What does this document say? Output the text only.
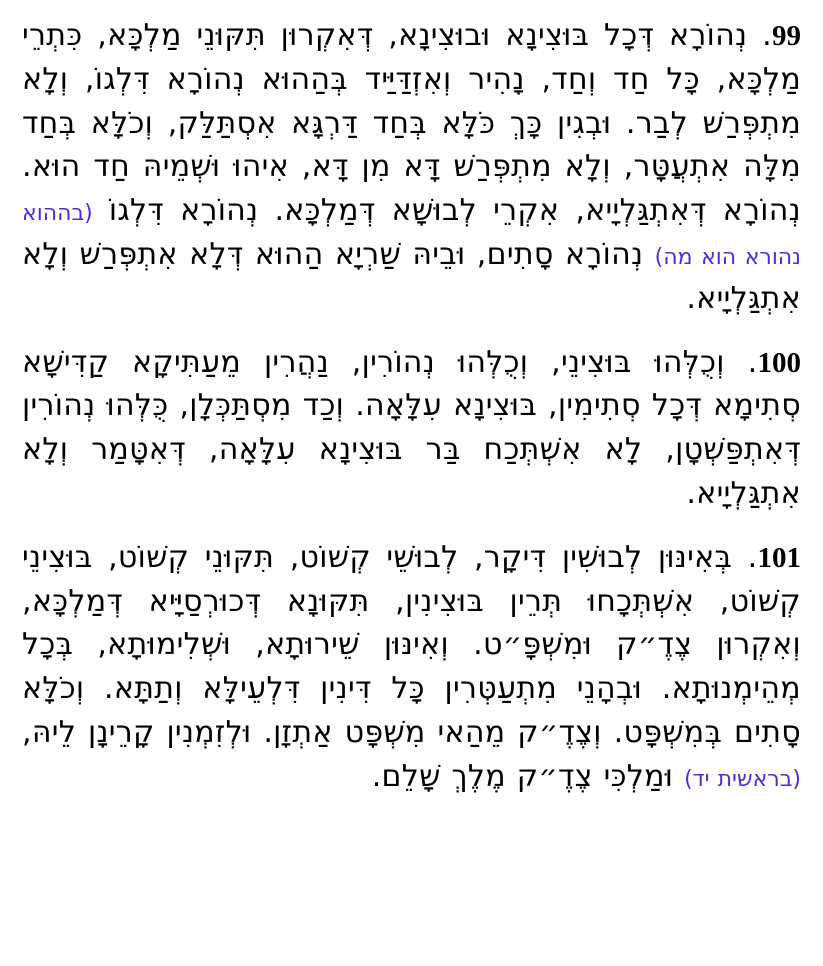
99. נְהוֹרָא דְּכָל בּוּצִינָא וּבוּצִינָא, דְּאִקְרוּן תִּקּוּנֵי מַלְכָּא, כִּתְרֵי מַלְכָּא, כָּל חַד וְחַד, נָהִיר וְאִזְדַּיַּיד בְּהַהוּא נְהוֹרָא דִּלְגוֹ, וְלָא מִתְפְּרַשׁ לְבַר. וּבְגִין כָּךְ כֹּלָּא בְּחַד דַּרְגָּא אִסְתַּלַּק, וְכֹלָּא בְּחַד מִלָּה אִתְעֲטָּר, וְלָא מִתְפְּרַשׁ דָּא מִן דָּא, אִיהוּ וּשְׁמֵיהּ חַד הוּא. נְהוֹרָא דְּאִתְגַּלְיָיא, אִקְרֵי לְבוּשָׁא דְּמַלְכָּא. נְהוֹרָא דִּלְגוֹ (בההוא נהורא הוא מה) נְהוֹרָא סָתִים, וּבֵיהּ שַׁרְיָא הַהוּא דְּלָא אִתְפְּרַשׁ וְלָא אִתְגַּלְיָיא.
100. וְכֻלְּהוּ בּוּצִינֵי, וְכֻלְּהוּ נְהוֹרִין, נַהֲרִין מֵעַתִּיקָא קַדִּישָׁא סְתִימָא דְּכָל סְתִימִין, בּוּצִינָא עִלָּאָה. וְכַד מִסְתַּכְּלָן, כֻּלְּהוּ נְהוֹרִין דְּאִתְפַּשְׁטָן, לָא אִשְׁתְּכַח בַּר בּוּצִינָא עִלָּאָה, דְּאִטָּמַר וְלָא אִתְגַּלְיָיא.
101. בְּאִינּוּן לְבוּשִׁין דִּיקָר, לְבוּשֵׁי קְשׁוֹט, תִּקּוּנֵי קְשׁוֹט, בּוּצִינֵי קְשׁוֹט, אִשְׁתְּכָחוּ תְּרֵין בּוּצִינִין, תִּקּוּנָא דְּכוּרְסַיָּיא דְּמַלְכָּא, וְאִקְרוּן צֶדֶ״ק וּמִשְׁפָּ״ט. וְאִינּוּן שֵׁירוּתָא, וּשְׁלִימוּתָא, בְּכָל מְהֵימְנוּתָא. וּבְהָנֵי מִתְעַטְּרִין כָּל דִּינִין דִּלְעֵילָּא וְתַתָּא. וְכֹלָּא סָתִים בְּמִשְׁפָּט. וְצֶדֶ״ק מֵהַאי מִשְׁפָּט אַתְזָן. וּלְזִמְנִין קָרֵינָן לֵיהּ, (בראשית יד) וּמַלְכִּי צֶדֶ״ק מֶלֶךְ שָׁלֵם.
